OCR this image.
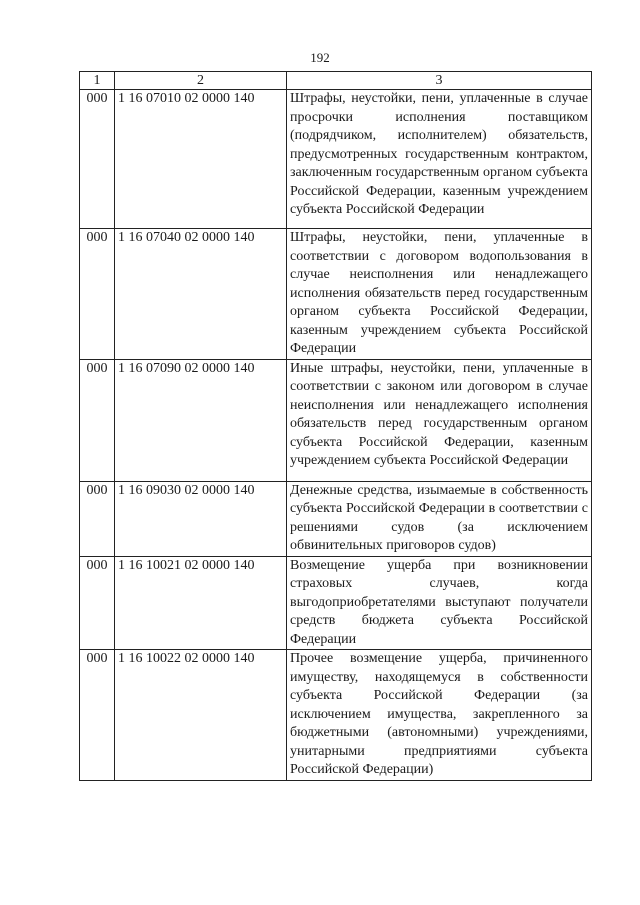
192
1	2	3
000	1 16 07010 02 0000 140	Штрафы, неустойки, пени, уплаченные в случае просрочки исполнения поставщиком (подрядчиком, исполнителем) обязательств, предусмотренных государственным контрактом, заключенным государственным органом субъекта Российской Федерации, казенным учреждением субъекта Российской Федерации
000	1 16 07040 02 0000 140	Штрафы, неустойки, пени, уплаченные в соответствии с договором водопользования в случае неисполнения или ненадлежащего исполнения обязательств перед государственным органом субъекта Российской Федерации, казенным учреждением субъекта Российской Федерации
000	1 16 07090 02 0000 140	Иные штрафы, неустойки, пени, уплаченные в соответствии с законом или договором в случае неисполнения или ненадлежащего исполнения обязательств перед государственным органом субъекта Российской Федерации, казенным учреждением субъекта Российской Федерации
000	1 16 09030 02 0000 140	Денежные средства, изымаемые в собственность субъекта Российской Федерации в соответствии с решениями судов (за исключением обвинительных приговоров судов)
000	1 16 10021 02 0000 140	Возмещение ущерба при возникновении страховых случаев, когда выгодоприобретателями выступают получатели средств бюджета субъекта Российской Федерации
000	1 16 10022 02 0000 140	Прочее возмещение ущерба, причиненного имуществу, находящемуся в собственности субъекта Российской Федерации (за исключением имущества, закрепленного за бюджетными (автономными) учреждениями, унитарными предприятиями субъекта Российской Федерации)
